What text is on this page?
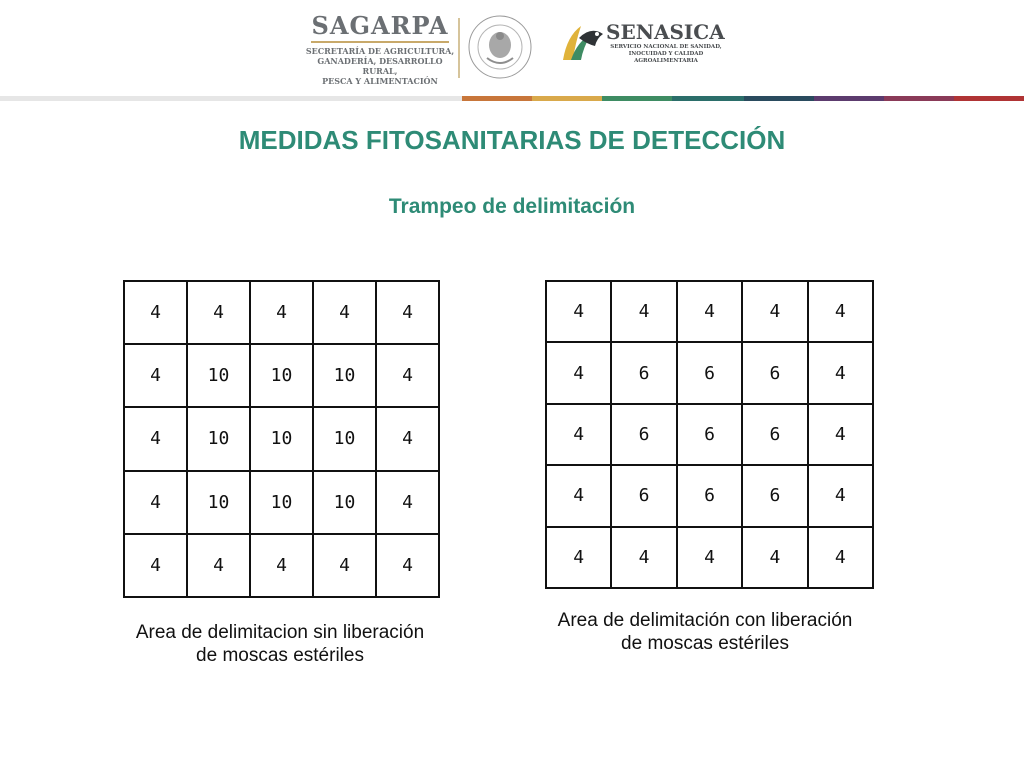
SAGARPA
SECRETARÍA DE AGRICULTURA,
GANADERÍA, DESARROLLO RURAL,
PESCA Y ALIMENTACIÓN
SENASICA
SERVICIO NACIONAL DE SANIDAD,
INOCUIDAD Y CALIDAD
AGROALIMENTARIA
MEDIDAS FITOSANITARIAS DE DETECCIÓN
Trampeo de delimitación
4	4	4	4	4
4	10	10	10	4
4	10	10	10	4
4	10	10	10	4
4	4	4	4	4
Area de delimitacion sin liberación
de moscas estériles
4	4	4	4	4
4	6	6	6	4
4	6	6	6	4
4	6	6	6	4
4	4	4	4	4
Area de delimitación con liberación
de moscas estériles
